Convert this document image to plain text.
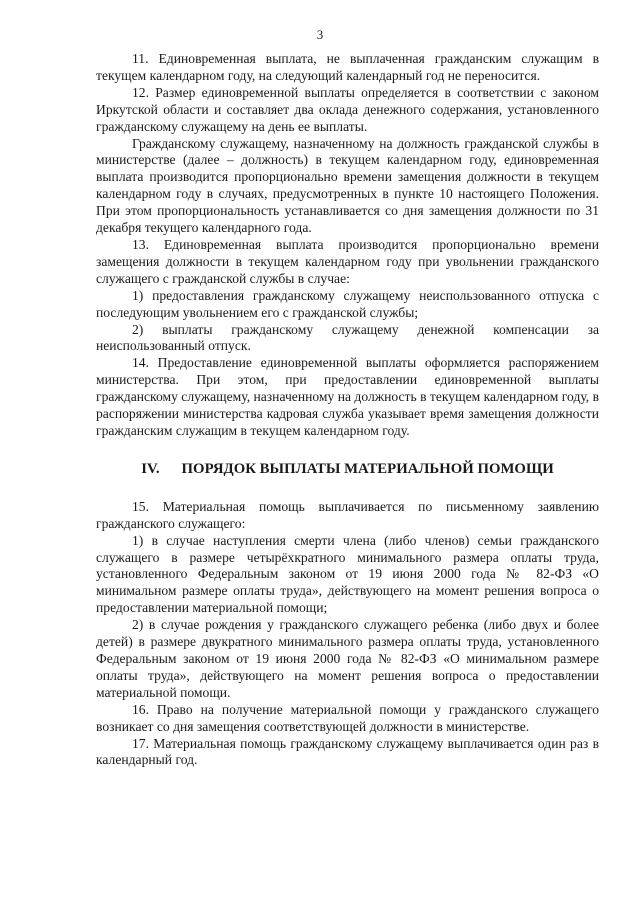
3

11. Единовременная выплата, не выплаченная гражданским служащим в текущем календарном году, на следующий календарный год не переносится.

12. Размер единовременной выплаты определяется в соответствии с законом Иркутской области и составляет два оклада денежного содержания, установленного гражданскому служащему на день ее выплаты.

Гражданскому служащему, назначенному на должность гражданской службы в министерстве (далее – должность) в текущем календарном году, единовременная выплата производится пропорционально времени замещения должности в текущем календарном году в случаях, предусмотренных в пункте 10 настоящего Положения. При этом пропорциональность устанавливается со дня замещения должности по 31 декабря текущего календарного года.

13. Единовременная выплата производится пропорционально времени замещения должности в текущем календарном году при увольнении гражданского служащего с гражданской службы в случае:

1) предоставления гражданскому служащему неиспользованного отпуска с последующим увольнением его с гражданской службы;

2) выплаты гражданскому служащему денежной компенсации за неиспользованный отпуск.

14. Предоставление единовременной выплаты оформляется распоряжением министерства. При этом, при предоставлении единовременной выплаты гражданскому служащему, назначенному на должность в текущем календарном году, в распоряжении министерства кадровая служба указывает время замещения должности гражданским служащим в текущем календарном году.

IV. ПОРЯДОК ВЫПЛАТЫ МАТЕРИАЛЬНОЙ ПОМОЩИ

15. Материальная помощь выплачивается по письменному заявлению гражданского служащего:

1) в случае наступления смерти члена (либо членов) семьи гражданского служащего в размере четырёхкратного минимального размера оплаты труда, установленного Федеральным законом от 19 июня 2000 года № 82-ФЗ «О минимальном размере оплаты труда», действующего на момент решения вопроса о предоставлении материальной помощи;

2) в случае рождения у гражданского служащего ребенка (либо двух и более детей) в размере двукратного минимального размера оплаты труда, установленного Федеральным законом от 19 июня 2000 года № 82-ФЗ «О минимальном размере оплаты труда», действующего на момент решения вопроса о предоставлении материальной помощи.

16. Право на получение материальной помощи у гражданского служащего возникает со дня замещения соответствующей должности в министерстве.

17. Материальная помощь гражданскому служащему выплачивается один раз в календарный год.
